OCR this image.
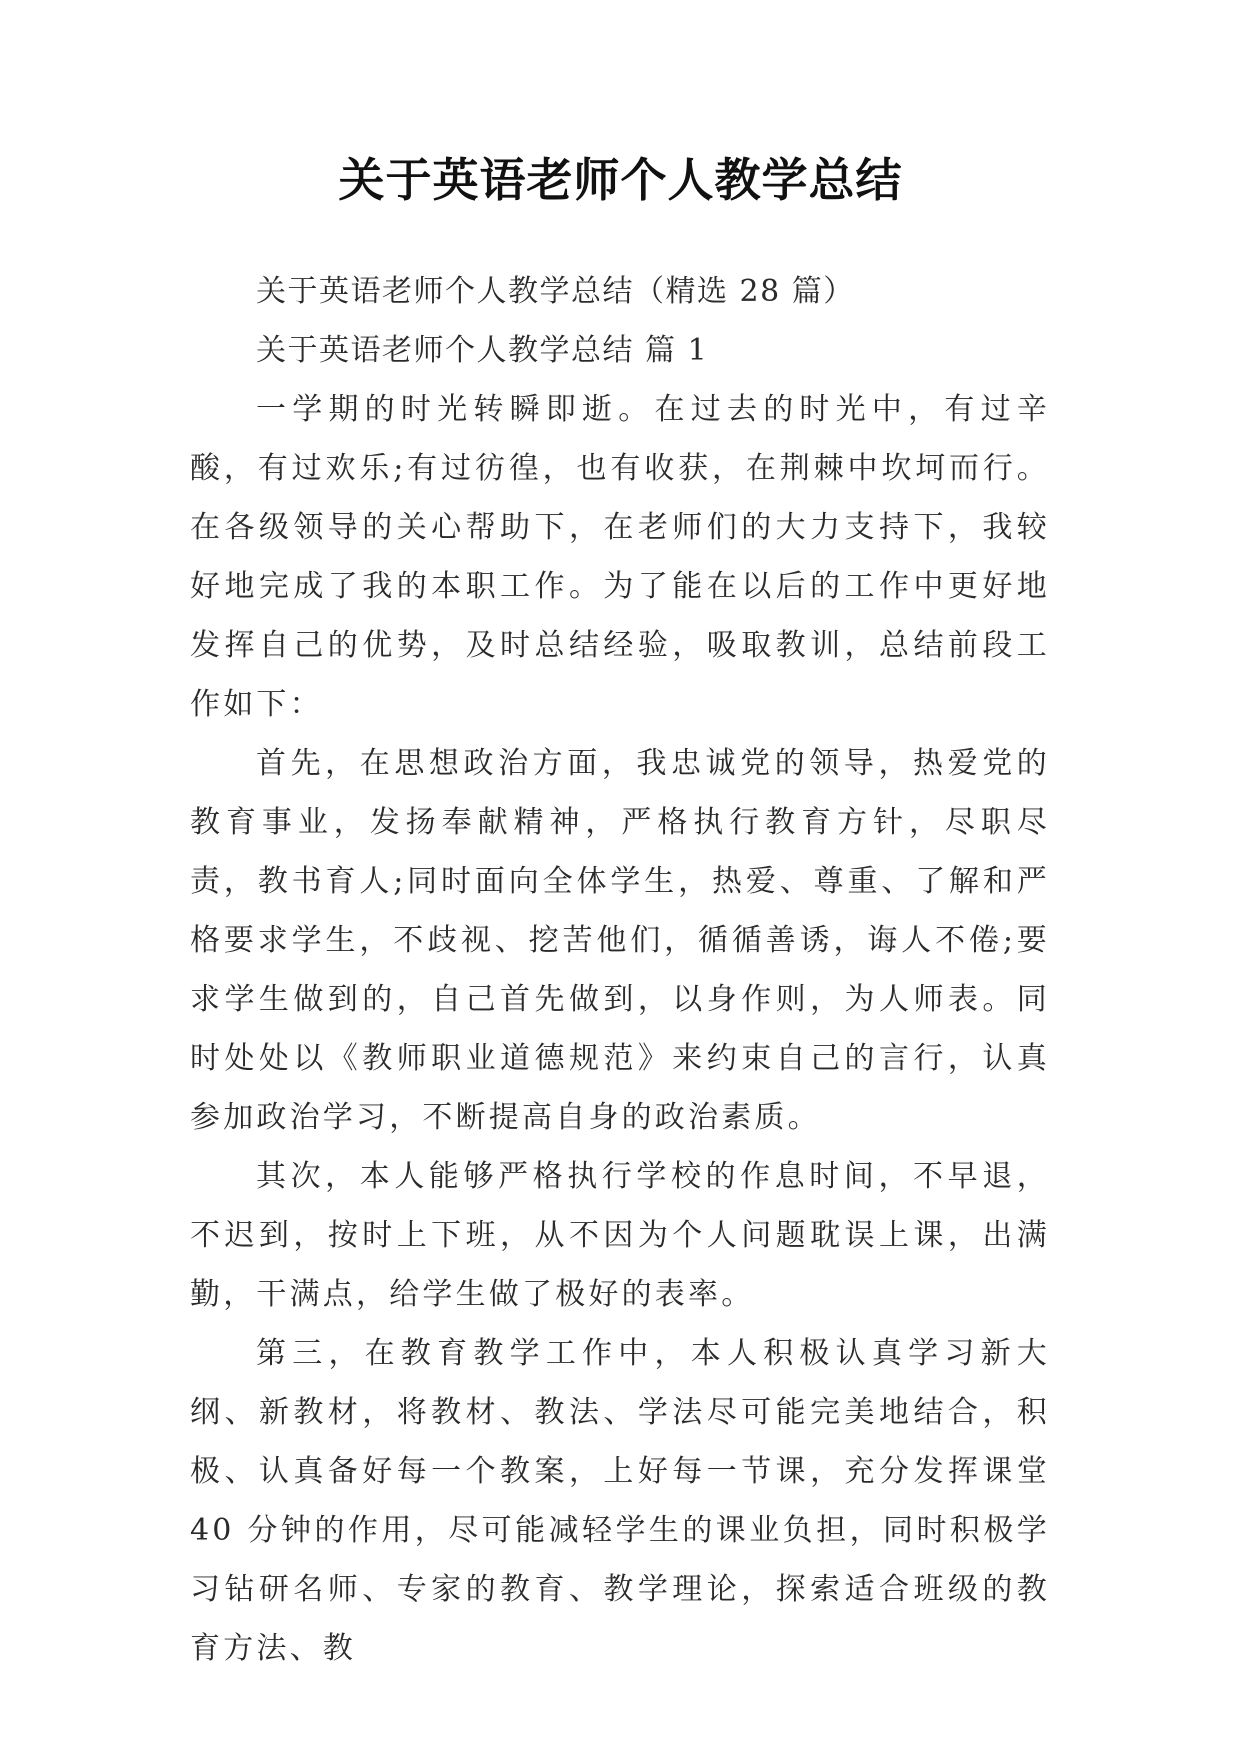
关于英语老师个人教学总结

关于英语老师个人教学总结（精选 28 篇）

关于英语老师个人教学总结 篇 1

一学期的时光转瞬即逝。在过去的时光中，有过辛酸，有过欢乐;有过彷徨，也有收获，在荆棘中坎坷而行。在各级领导的关心帮助下，在老师们的大力支持下，我较好地完成了我的本职工作。为了能在以后的工作中更好地发挥自己的优势，及时总结经验，吸取教训，总结前段工作如下：

首先，在思想政治方面，我忠诚党的领导，热爱党的教育事业，发扬奉献精神，严格执行教育方针，尽职尽责，教书育人;同时面向全体学生，热爱、尊重、了解和严格要求学生，不歧视、挖苦他们，循循善诱，诲人不倦;要求学生做到的，自己首先做到，以身作则，为人师表。同时处处以《教师职业道德规范》来约束自己的言行，认真参加政治学习，不断提高自身的政治素质。

其次，本人能够严格执行学校的作息时间，不早退，不迟到，按时上下班，从不因为个人问题耽误上课，出满勤，干满点，给学生做了极好的表率。

第三，在教育教学工作中，本人积极认真学习新大纲、新教材，将教材、教法、学法尽可能完美地结合，积极、认真备好每一个教案，上好每一节课，充分发挥课堂 40 分钟的作用，尽可能减轻学生的课业负担，同时积极学习钻研名师、专家的教育、教学理论，探索适合班级的教育方法、教
